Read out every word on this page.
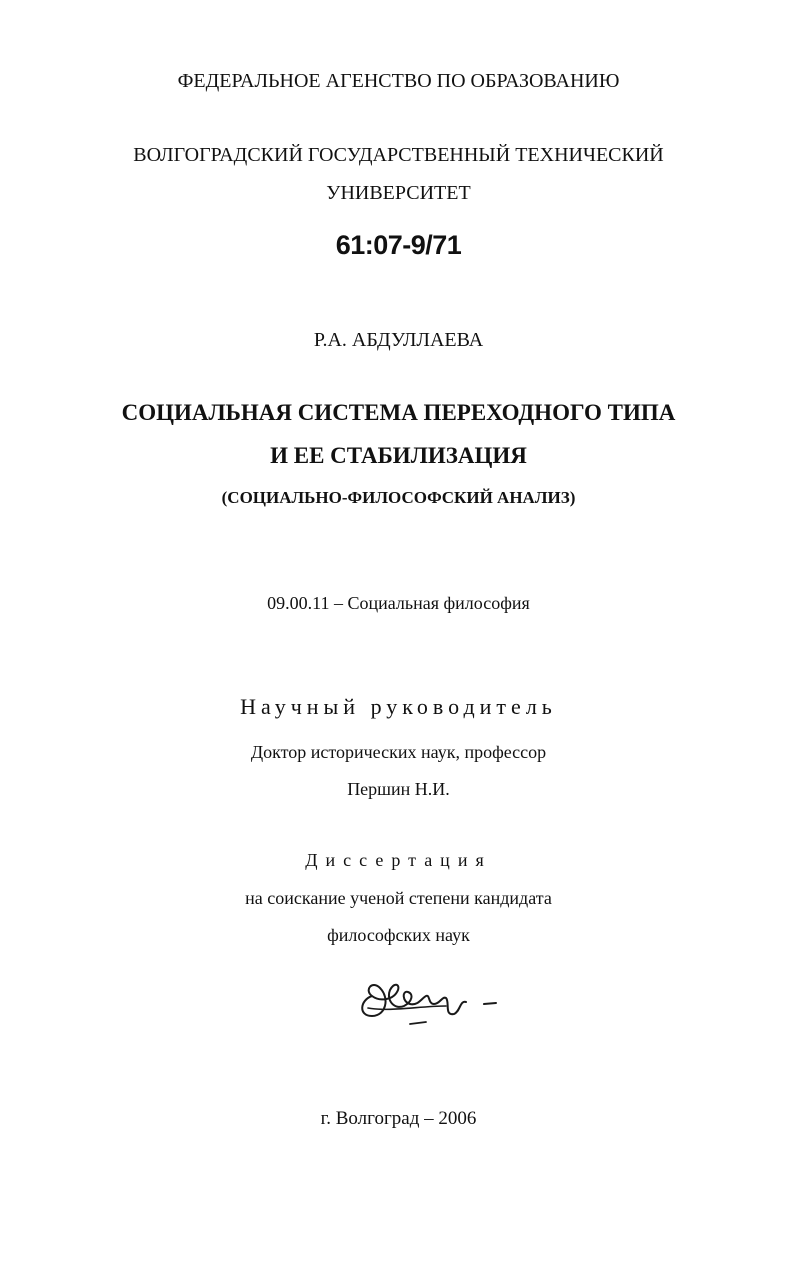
ФЕДЕРАЛЬНОЕ АГЕНСТВО ПО ОБРАЗОВАНИЮ
ВОЛГОГРАДСКИЙ ГОСУДАРСТВЕННЫЙ ТЕХНИЧЕСКИЙ
УНИВЕРСИТЕТ
61:07-9/71
Р.А. АБДУЛЛАЕВА
СОЦИАЛЬНАЯ СИСТЕМА ПЕРЕХОДНОГО ТИПА
И ЕЕ СТАБИЛИЗАЦИЯ
(СОЦИАЛЬНО-ФИЛОСОФСКИЙ АНАЛИЗ)
09.00.11 – Социальная философия
Научный руководитель
Доктор исторических наук, профессор
Першин Н.И.
Диссертация
на соискание ученой степени кандидата
философских наук
г. Волгоград – 2006
